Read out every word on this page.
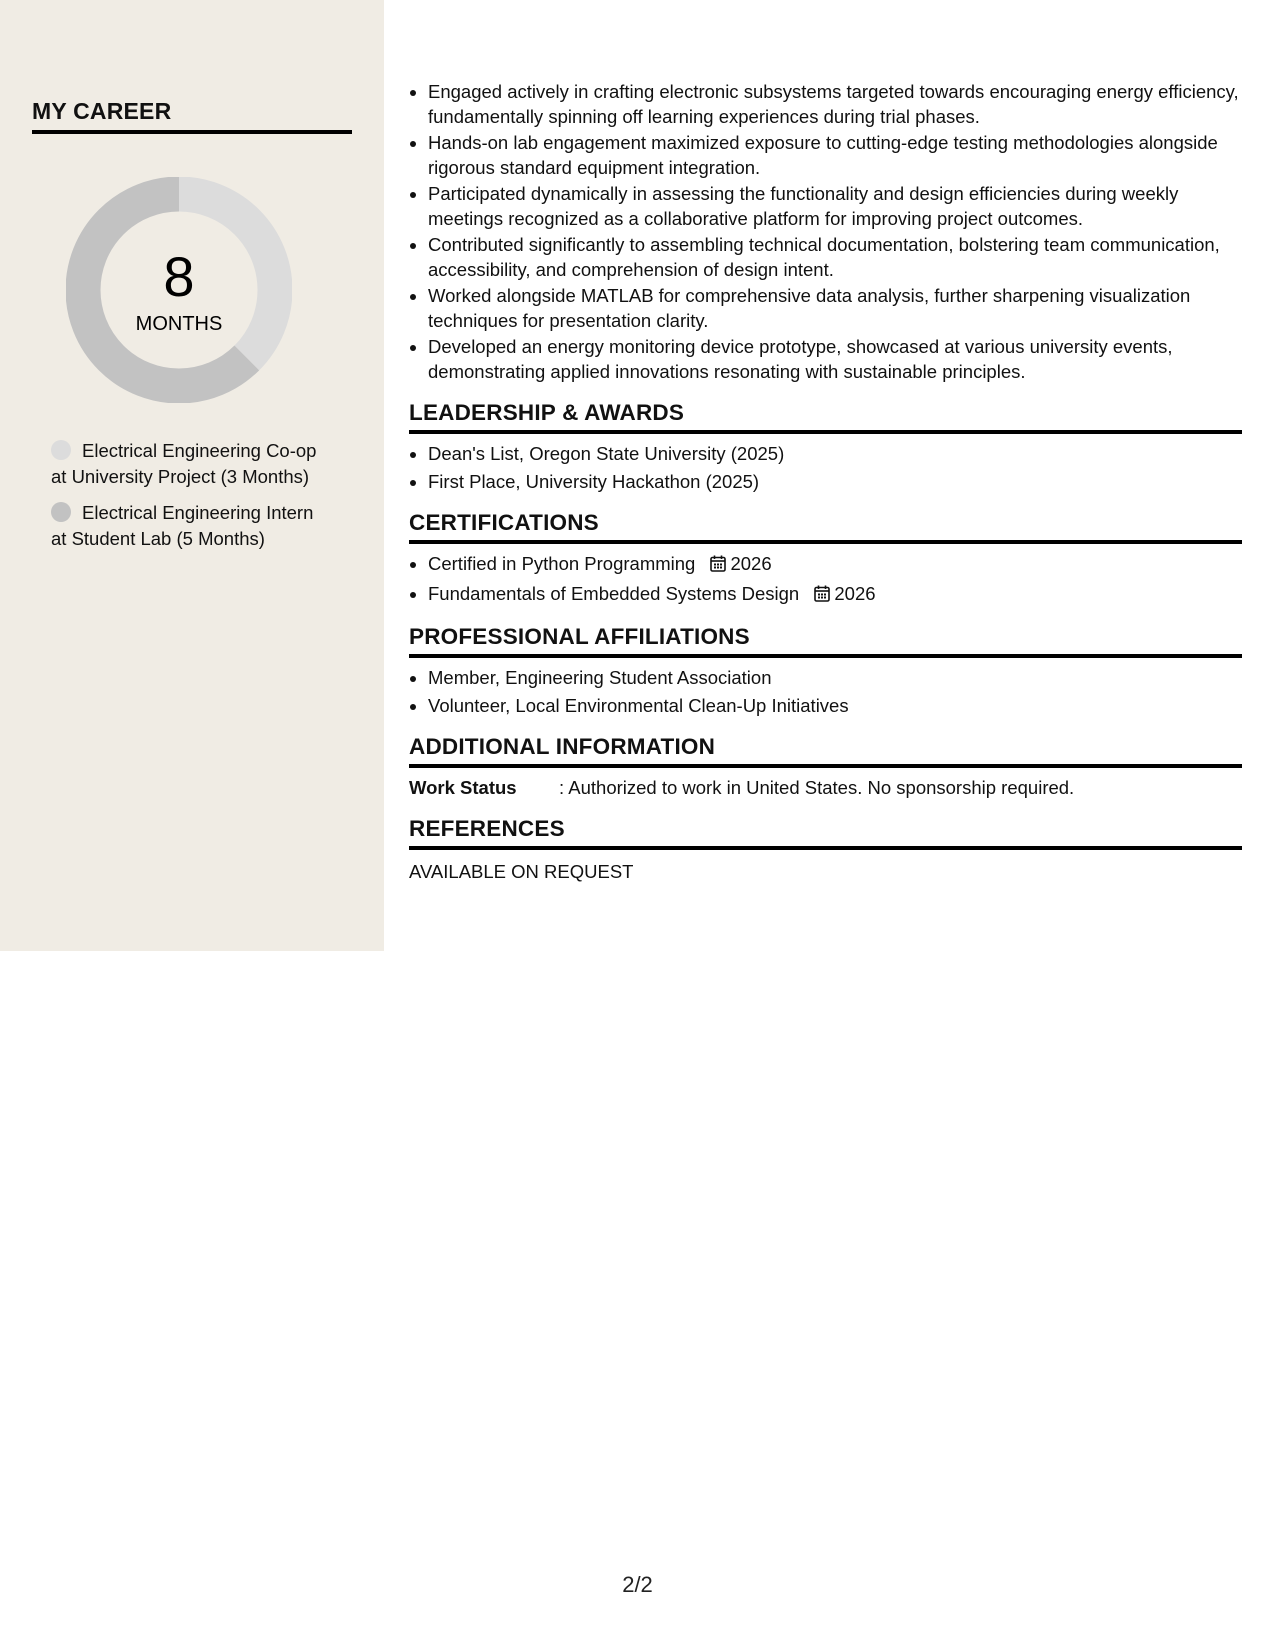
MY CAREER
8
MONTHS
Electrical Engineering Co-op
at University Project (3 Months)
Electrical Engineering Intern
at Student Lab (5 Months)
• Engaged actively in crafting electronic subsystems targeted towards encouraging energy efficiency, fundamentally spinning off learning experiences during trial phases.
• Hands-on lab engagement maximized exposure to cutting-edge testing methodologies alongside rigorous standard equipment integration.
• Participated dynamically in assessing the functionality and design efficiencies during weekly meetings recognized as a collaborative platform for improving project outcomes.
• Contributed significantly to assembling technical documentation, bolstering team communication, accessibility, and comprehension of design intent.
• Worked alongside MATLAB for comprehensive data analysis, further sharpening visualization techniques for presentation clarity.
• Developed an energy monitoring device prototype, showcased at various university events, demonstrating applied innovations resonating with sustainable principles.
LEADERSHIP & AWARDS
• Dean's List, Oregon State University (2025)
• First Place, University Hackathon (2025)
CERTIFICATIONS
• Certified in Python Programming 2026
• Fundamentals of Embedded Systems Design 2026
PROFESSIONAL AFFILIATIONS
• Member, Engineering Student Association
• Volunteer, Local Environmental Clean-Up Initiatives
ADDITIONAL INFORMATION
Work Status	: Authorized to work in United States. No sponsorship required.
REFERENCES
AVAILABLE ON REQUEST
2/2
